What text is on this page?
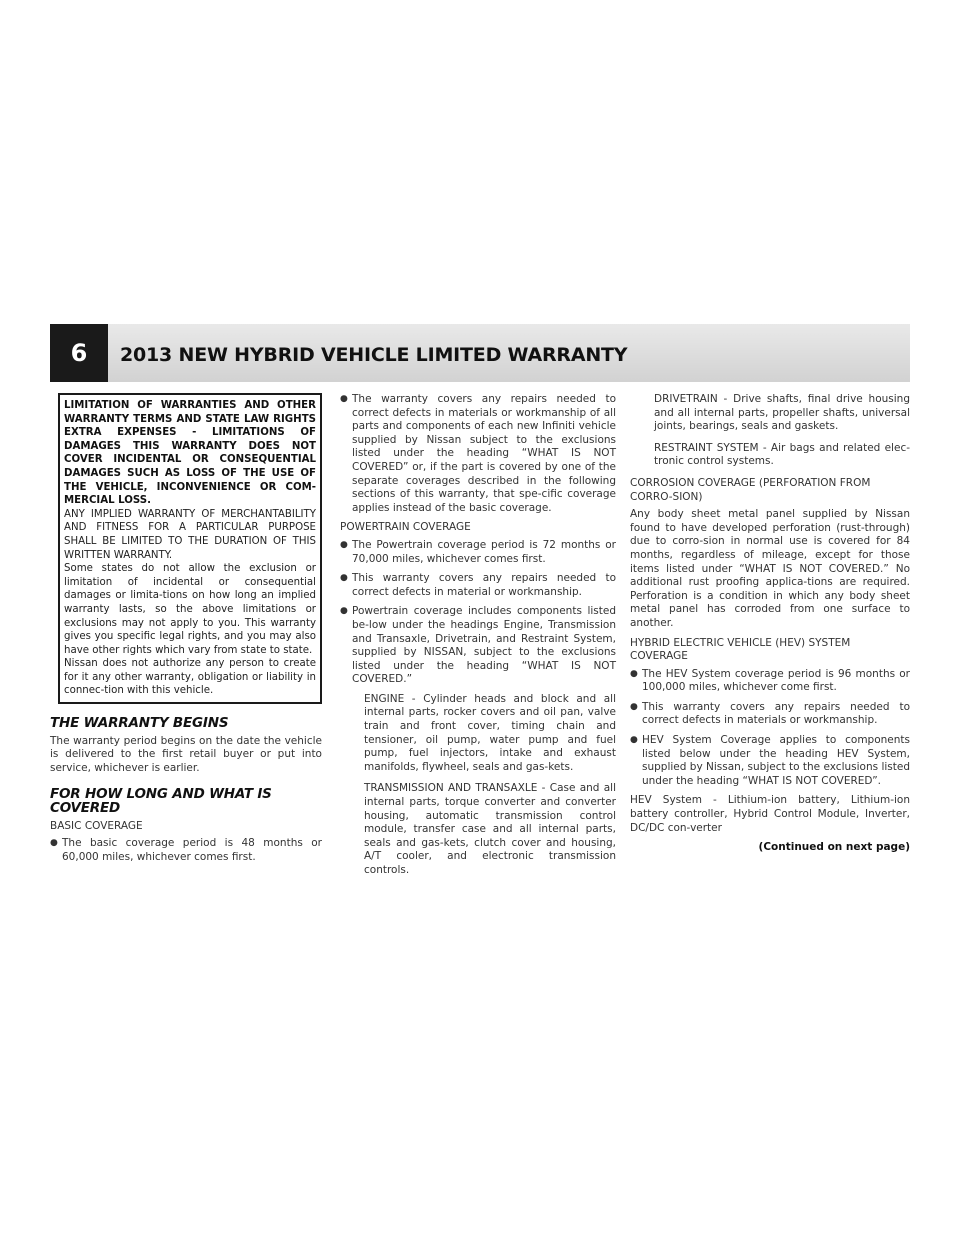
6	2013 NEW HYBRID VEHICLE LIMITED WARRANTY

LIMITATION OF WARRANTIES AND OTHER WARRANTY TERMS AND STATE LAW RIGHTS EXTRA EXPENSES - LIMITATIONS OF DAMAGES THIS WARRANTY DOES NOT COVER INCIDENTAL OR CONSEQUENTIAL DAMAGES SUCH AS LOSS OF THE USE OF THE VEHICLE, INCONVENIENCE OR COM-MERCIAL LOSS.

ANY IMPLIED WARRANTY OF MERCHANTABILITY AND FITNESS FOR A PARTICULAR PURPOSE SHALL BE LIMITED TO THE DURATION OF THIS WRITTEN WARRANTY.

Some states do not allow the exclusion or limitation of incidental or consequential damages or limita-tions on how long an implied warranty lasts, so the above limitations or exclusions may not apply to you. This warranty gives you specific legal rights, and you may also have other rights which vary from state to state.

Nissan does not authorize any person to create for it any other warranty, obligation or liability in connec-tion with this vehicle.

THE WARRANTY BEGINS

The warranty period begins on the date the vehicle is delivered to the first retail buyer or put into service, whichever is earlier.

FOR HOW LONG AND WHAT IS COVERED
BASIC COVERAGE
● The basic coverage period is 48 months or 60,000 miles, whichever comes first.
● The warranty covers any repairs needed to correct defects in materials or workmanship of all parts and components of each new Infiniti vehicle supplied by Nissan subject to the exclusions listed under the heading “WHAT IS NOT COVERED” or, if the part is covered by one of the separate coverages described in the following sections of this warranty, that spe-cific coverage applies instead of the basic coverage.
POWERTRAIN COVERAGE
● The Powertrain coverage period is 72 months or 70,000 miles, whichever comes first.
● This warranty covers any repairs needed to correct defects in material or workmanship.
● Powertrain coverage includes components listed be-low under the headings Engine, Transmission and Transaxle, Drivetrain, and Restraint System, supplied by NISSAN, subject to the exclusions listed under the heading “WHAT IS NOT COVERED.”
ENGINE - Cylinder heads and block and all internal parts, rocker covers and oil pan, valve train and front cover, timing chain and tensioner, oil pump, water pump and fuel pump, fuel injectors, intake and exhaust manifolds, flywheel, seals and gas-kets.
TRANSMISSION AND TRANSAXLE - Case and all internal parts, torque converter and converter housing, automatic transmission control module, transfer case and all internal parts, seals and gas-kets, clutch cover and housing, A/T cooler, and electronic transmission controls.
DRIVETRAIN - Drive shafts, final drive housing and all internal parts, propeller shafts, universal joints, bearings, seals and gaskets.
RESTRAINT SYSTEM - Air bags and related elec-tronic control systems.
CORROSION COVERAGE (PERFORATION FROM CORRO-SION)

Any body sheet metal panel supplied by Nissan found to have developed perforation (rust-through) due to corro-sion in normal use is covered for 84 months, regardless of mileage, except for those items listed under “WHAT IS NOT COVERED.” No additional rust proofing applica-tions are required. Perforation is a condition in which any body sheet metal panel has corroded from one surface to another.

HYBRID ELECTRIC VEHICLE (HEV) SYSTEM COVERAGE
● The HEV System coverage period is 96 months or 100,000 miles, whichever come first.
● This warranty covers any repairs needed to correct defects in materials or workmanship.
● HEV System Coverage applies to components listed below under the heading HEV System, supplied by Nissan, subject to the exclusions listed under the heading “WHAT IS NOT COVERED”.

HEV System - Lithium-ion battery, Lithium-ion battery controller, Hybrid Control Module, Inverter, DC/DC con-verter

(Continued on next page)
